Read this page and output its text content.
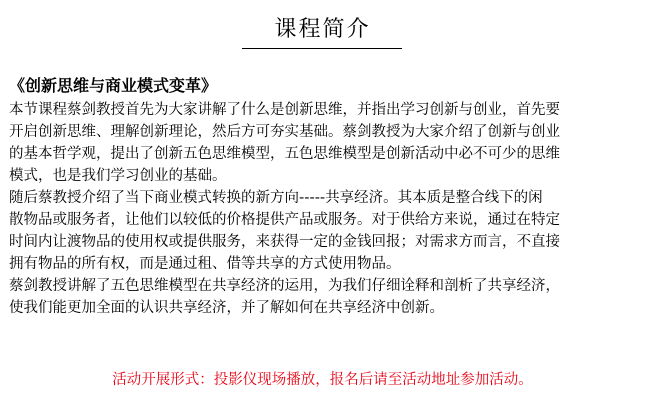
课程简介
《创新思维与商业模式变革》
本节课程蔡剑教授首先为大家讲解了什么是创新思维，并指出学习创新与创业，首先要
开启创新思维、理解创新理论，然后方可夯实基础。蔡剑教授为大家介绍了创新与创业
的基本哲学观，提出了创新五色思维模型，五色思维模型是创新活动中必不可少的思维
模式，也是我们学习创业的基础。
随后蔡教授介绍了当下商业模式转换的新方向-----共享经济。其本质是整合线下的闲
散物品或服务者，让他们以较低的价格提供产品或服务。对于供给方来说，通过在特定
时间内让渡物品的使用权或提供服务，来获得一定的金钱回报；对需求方而言，不直接
拥有物品的所有权，而是通过租、借等共享的方式使用物品。
蔡剑教授讲解了五色思维模型在共享经济的运用，为我们仔细诠释和剖析了共享经济，
使我们能更加全面的认识共享经济，并了解如何在共享经济中创新。
活动开展形式：投影仪现场播放，报名后请至活动地址参加活动。
